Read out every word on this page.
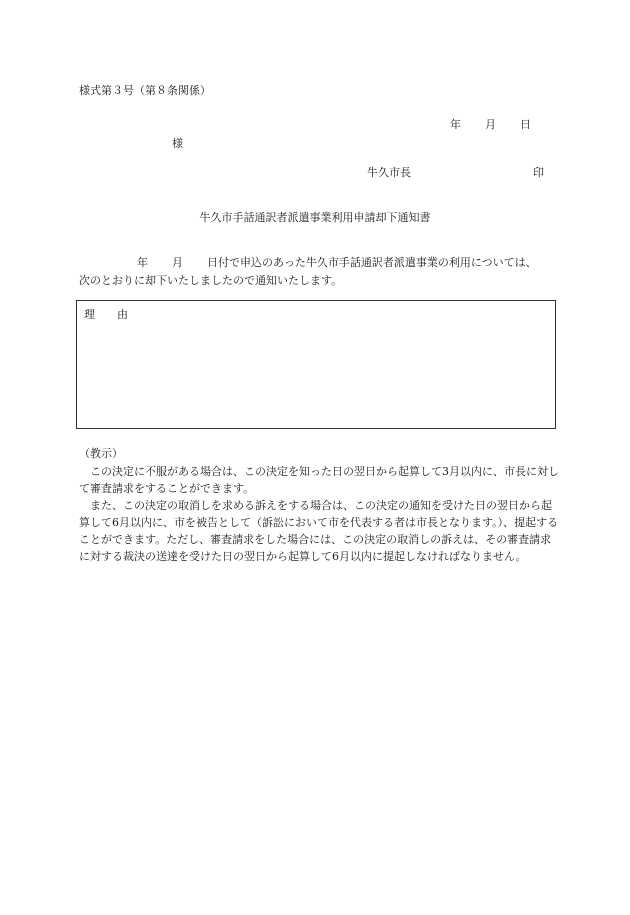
様式第３号（第８条関係）
年 月 日
様
牛久市長	印
牛久市手話通訳者派遣事業利用申請却下通知書
年 月 日付で申込のあった牛久市手話通訳者派遣事業の利用については、
次のとおりに却下いたしましたので通知いたします。
理 由
（教示）

この決定に不服がある場合は、この決定を知った日の翌日から起算して3月以内に、市長に対して審査請求をすることができます。

また、この決定の取消しを求める訴えをする場合は、この決定の通知を受けた日の翌日から起算して6月以内に、市を被告として（訴訟において市を代表する者は市長となります。）、提起することができます。ただし、審査請求をした場合には、この決定の取消しの訴えは、その審査請求に対する裁決の送達を受けた日の翌日から起算して6月以内に提起しなければなりません。
